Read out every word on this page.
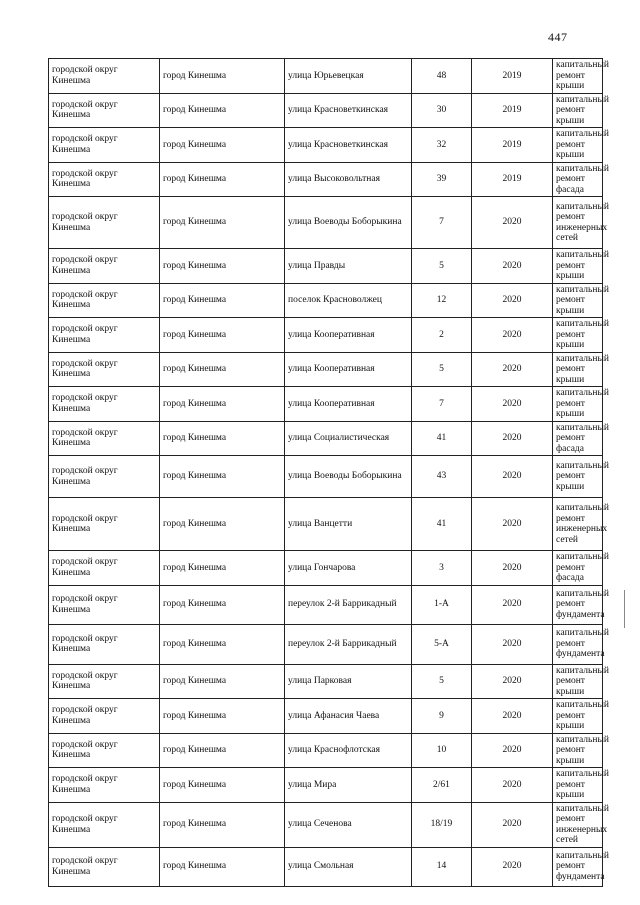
447
городской округ Кинешма	город Кинешма	улица Юрьевецкая	48	2019	капитальный ремонт крыши
городской округ Кинешма	город Кинешма	улица Красноветкинская	30	2019	капитальный ремонт крыши
городской округ Кинешма	город Кинешма	улица Красноветкинская	32	2019	капитальный ремонт крыши
городской округ Кинешма	город Кинешма	улица Высоковольтная	39	2019	капитальный ремонт фасада
городской округ Кинешма	город Кинешма	улица Воеводы Боборыкина	7	2020	капитальный ремонт инженерных сетей
городской округ Кинешма	город Кинешма	улица Правды	5	2020	капитальный ремонт крыши
городской округ Кинешма	город Кинешма	поселок Красноволжец	12	2020	капитальный ремонт крыши
городской округ Кинешма	город Кинешма	улица Кооперативная	2	2020	капитальный ремонт крыши
городской округ Кинешма	город Кинешма	улица Кооперативная	5	2020	капитальный ремонт крыши
городской округ Кинешма	город Кинешма	улица Кооперативная	7	2020	капитальный ремонт крыши
городской округ Кинешма	город Кинешма	улица Социалистическая	41	2020	капитальный ремонт фасада
городской округ Кинешма	город Кинешма	улица Воеводы Боборыкина	43	2020	капитальный ремонт крыши
городской округ Кинешма	город Кинешма	улица Ванцетти	41	2020	капитальный ремонт инженерных сетей
городской округ Кинешма	город Кинешма	улица Гончарова	3	2020	капитальный ремонт фасада
городской округ Кинешма	город Кинешма	переулок 2-й Баррикадный	1-А	2020	капитальный ремонт фундамента
городской округ Кинешма	город Кинешма	переулок 2-й Баррикадный	5-А	2020	капитальный ремонт фундамента
городской округ Кинешма	город Кинешма	улица Парковая	5	2020	капитальный ремонт крыши
городской округ Кинешма	город Кинешма	улица Афанасия Чаева	9	2020	капитальный ремонт крыши
городской округ Кинешма	город Кинешма	улица Краснофлотская	10	2020	капитальный ремонт крыши
городской округ Кинешма	город Кинешма	улица Мира	2/61	2020	капитальный ремонт крыши
городской округ Кинешма	город Кинешма	улица Сеченова	18/19	2020	капитальный ремонт инженерных сетей
городской округ Кинешма	город Кинешма	улица Смольная	14	2020	капитальный ремонт фундамента
